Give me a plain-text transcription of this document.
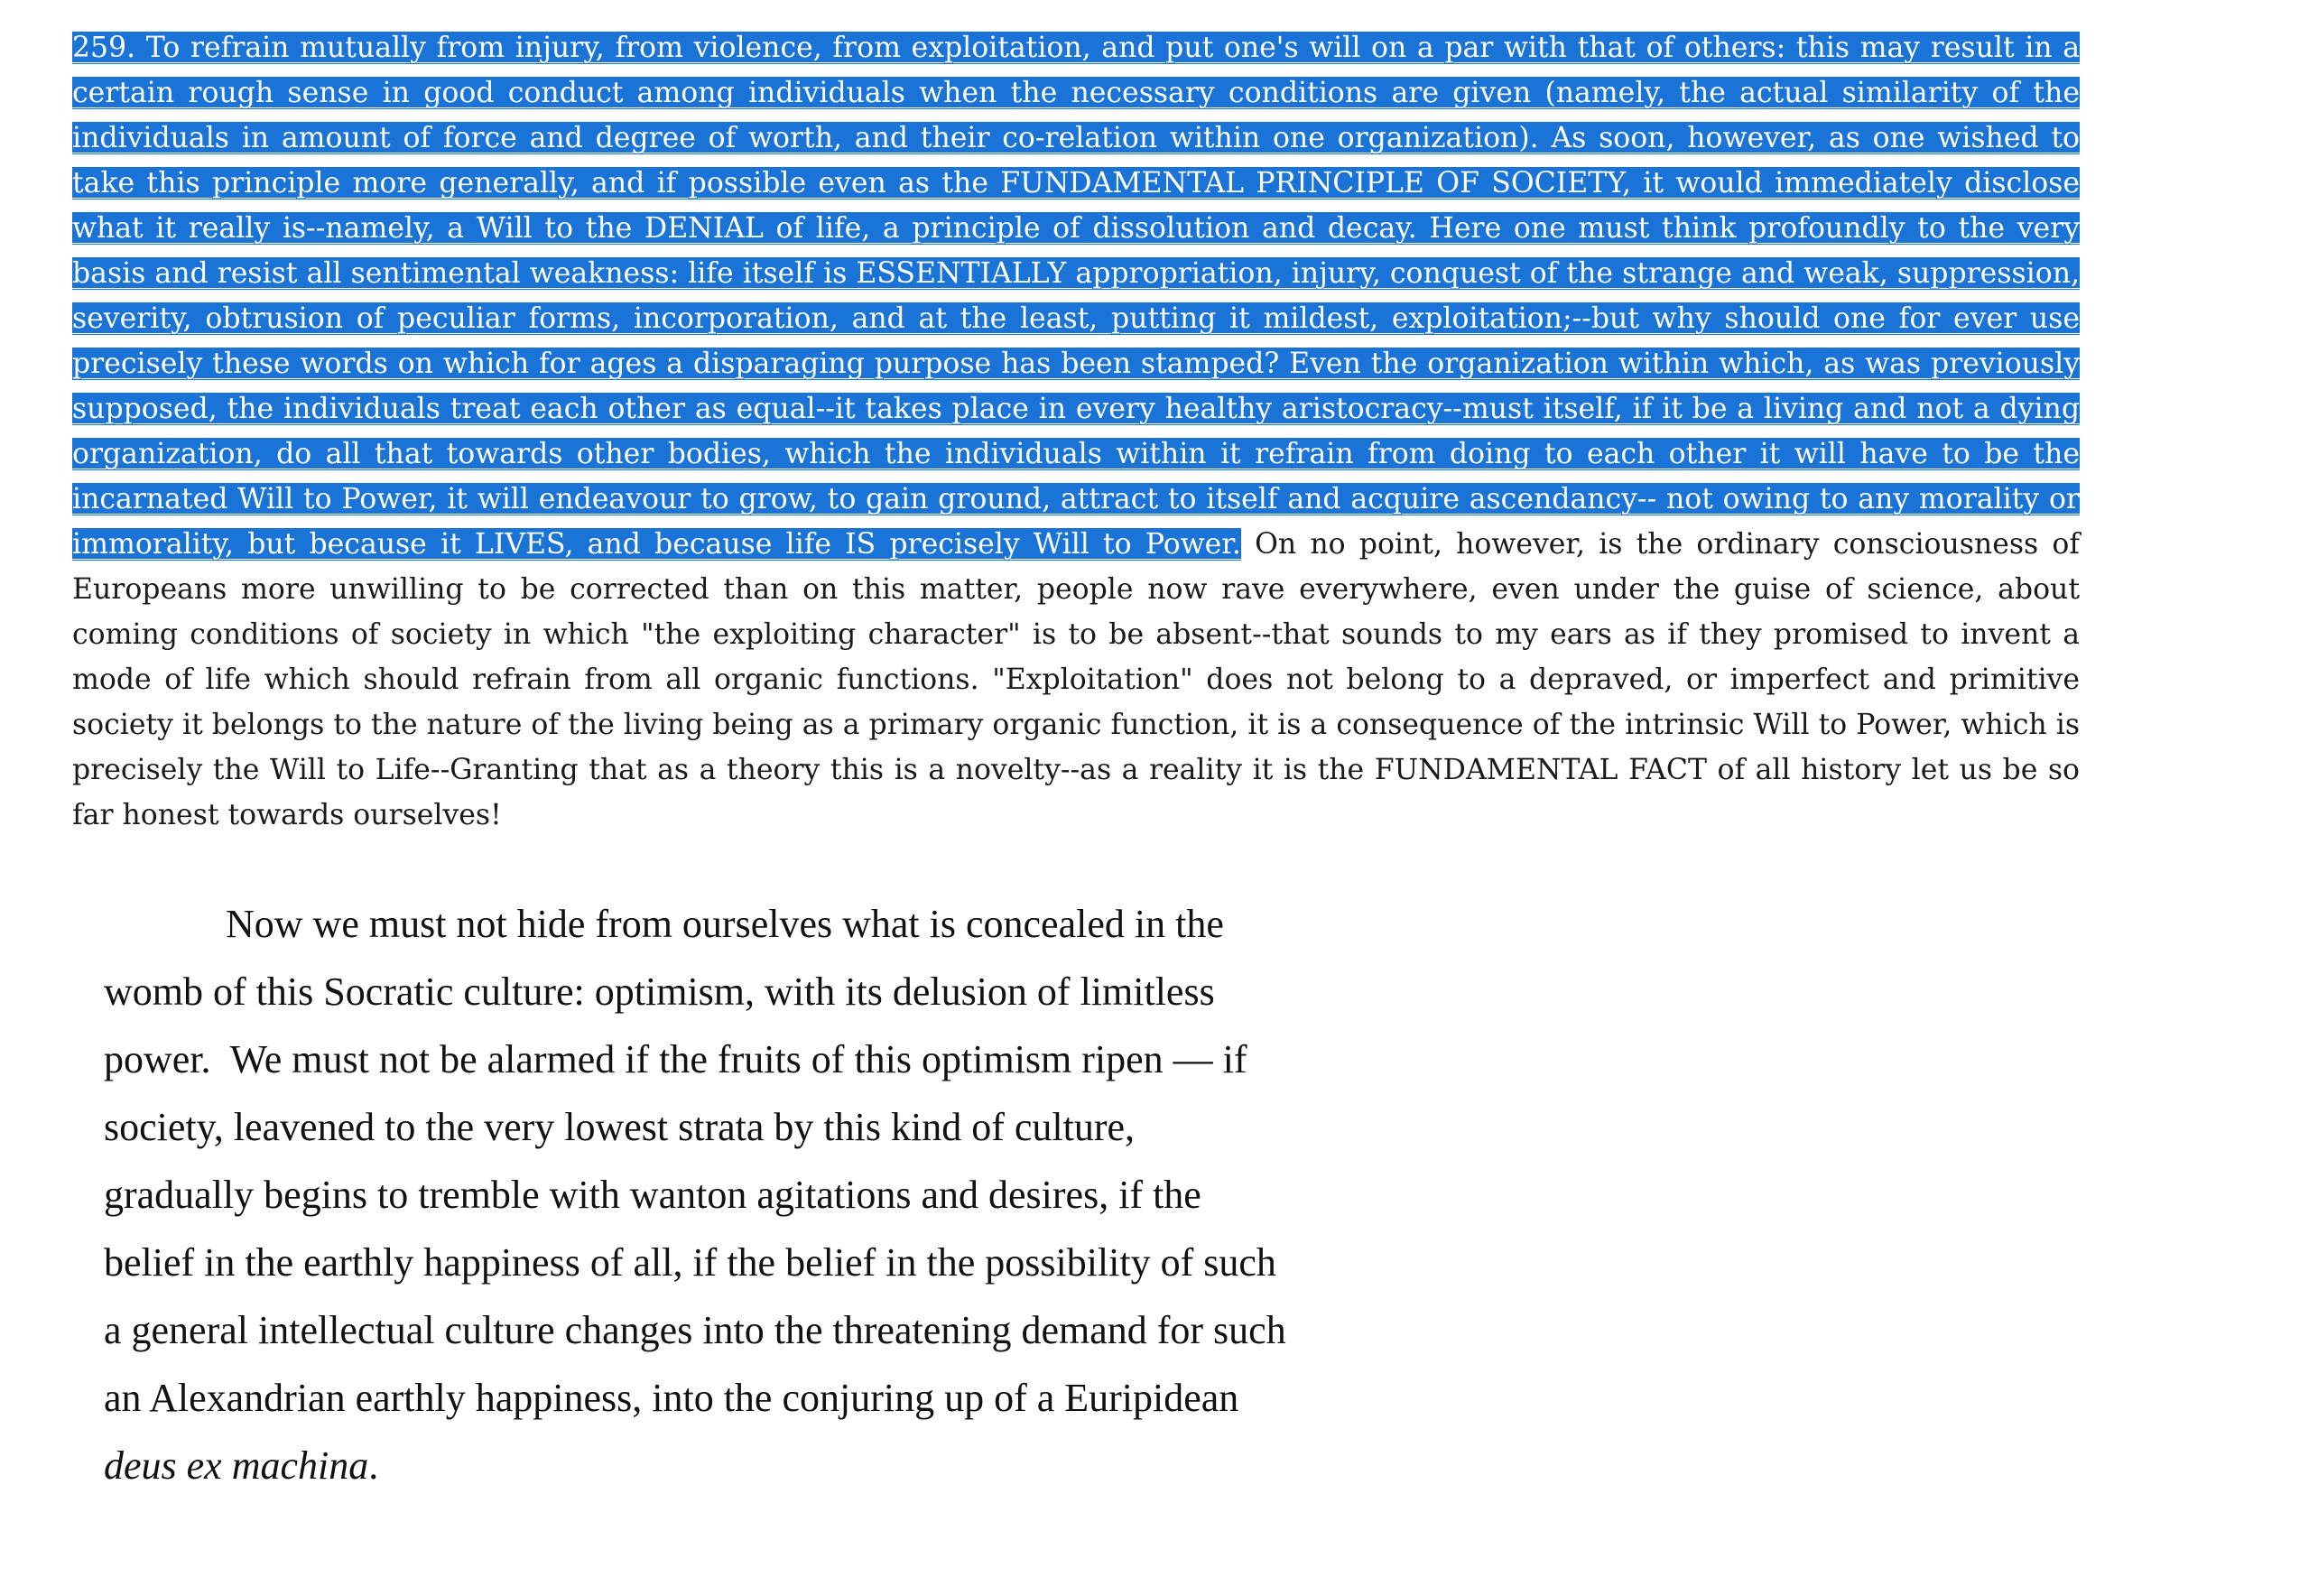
259. To refrain mutually from injury, from violence, from exploitation, and put one's will on a par with that of others: this may result in a certain rough sense in good conduct among individuals when the necessary conditions are given (namely, the actual similarity of the individuals in amount of force and degree of worth, and their co-relation within one organization). As soon, however, as one wished to take this principle more generally, and if possible even as the FUNDAMENTAL PRINCIPLE OF SOCIETY, it would immediately disclose what it really is--namely, a Will to the DENIAL of life, a principle of dissolution and decay. Here one must think profoundly to the very basis and resist all sentimental weakness: life itself is ESSENTIALLY appropriation, injury, conquest of the strange and weak, suppression, severity, obtrusion of peculiar forms, incorporation, and at the least, putting it mildest, exploitation;--but why should one for ever use precisely these words on which for ages a disparaging purpose has been stamped? Even the organization within which, as was previously supposed, the individuals treat each other as equal--it takes place in every healthy aristocracy--must itself, if it be a living and not a dying organization, do all that towards other bodies, which the individuals within it refrain from doing to each other it will have to be the incarnated Will to Power, it will endeavour to grow, to gain ground, attract to itself and acquire ascendancy-- not owing to any morality or immorality, but because it LIVES, and because life IS precisely Will to Power. On no point, however, is the ordinary consciousness of Europeans more unwilling to be corrected than on this matter, people now rave everywhere, even under the guise of science, about coming conditions of society in which "the exploiting character" is to be absent--that sounds to my ears as if they promised to invent a mode of life which should refrain from all organic functions. "Exploitation" does not belong to a depraved, or imperfect and primitive society it belongs to the nature of the living being as a primary organic function, it is a consequence of the intrinsic Will to Power, which is precisely the Will to Life--Granting that as a theory this is a novelty--as a reality it is the FUNDAMENTAL FACT of all history let us be so far honest towards ourselves!

Now we must not hide from ourselves what is concealed in the
womb of this Socratic culture: optimism, with its delusion of limitless
power.  We must not be alarmed if the fruits of this optimism ripen — if
society, leavened to the very lowest strata by this kind of culture,
gradually begins to tremble with wanton agitations and desires, if the
belief in the earthly happiness of all, if the belief in the possibility of such
a general intellectual culture changes into the threatening demand for such
an Alexandrian earthly happiness, into the conjuring up of a Euripidean
deus ex machina.
